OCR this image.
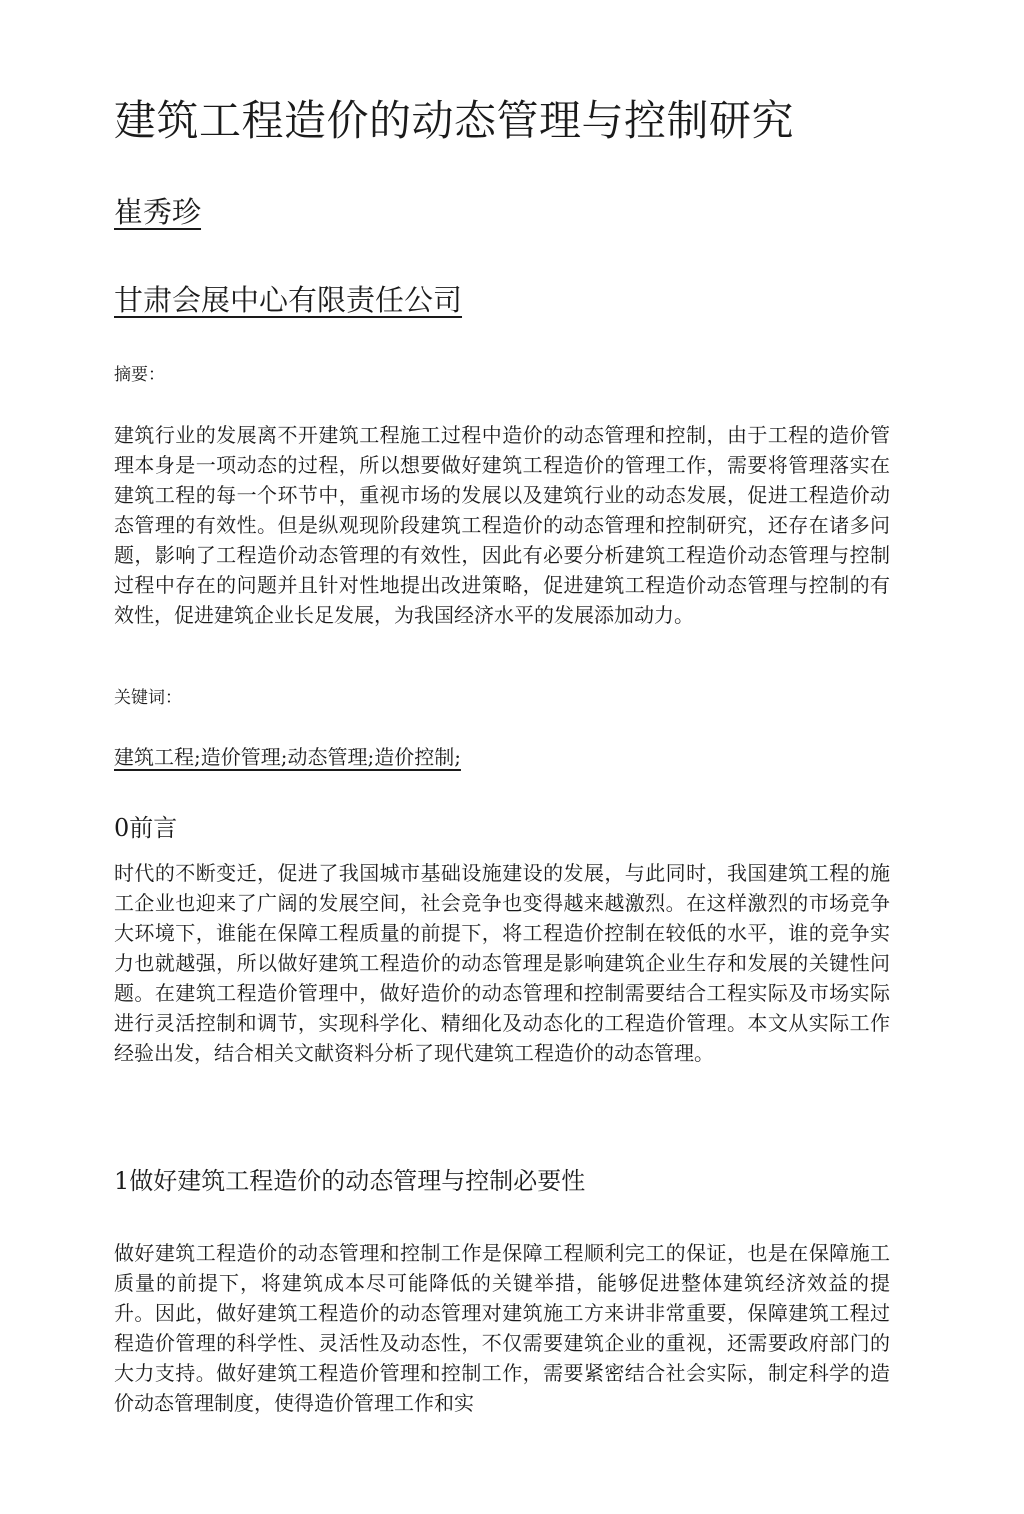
建筑工程造价的动态管理与控制研究
崔秀珍
甘肃会展中心有限责任公司
摘要：

建筑行业的发展离不开建筑工程施工过程中造价的动态管理和控制，由于工程的造价管理本身是一项动态的过程，所以想要做好建筑工程造价的管理工作，需要将管理落实在建筑工程的每一个环节中，重视市场的发展以及建筑行业的动态发展，促进工程造价动态管理的有效性。但是纵观现阶段建筑工程造价的动态管理和控制研究，还存在诸多问题，影响了工程造价动态管理的有效性，因此有必要分析建筑工程造价动态管理与控制过程中存在的问题并且针对性地提出改进策略，促进建筑工程造价动态管理与控制的有效性，促进建筑企业长足发展，为我国经济水平的发展添加动力。

关键词：
建筑工程;造价管理;动态管理;造价控制;
0前言

时代的不断变迁，促进了我国城市基础设施建设的发展，与此同时，我国建筑工程的施工企业也迎来了广阔的发展空间，社会竞争也变得越来越激烈。在这样激烈的市场竞争大环境下，谁能在保障工程质量的前提下，将工程造价控制在较低的水平，谁的竞争实力也就越强，所以做好建筑工程造价的动态管理是影响建筑企业生存和发展的关键性问题。在建筑工程造价管理中，做好造价的动态管理和控制需要结合工程实际及市场实际进行灵活控制和调节，实现科学化、精细化及动态化的工程造价管理。本文从实际工作经验出发，结合相关文献资料分析了现代建筑工程造价的动态管理。

1做好建筑工程造价的动态管理与控制必要性

做好建筑工程造价的动态管理和控制工作是保障工程顺利完工的保证，也是在保障施工质量的前提下，将建筑成本尽可能降低的关键举措，能够促进整体建筑经济效益的提升。因此，做好建筑工程造价的动态管理对建筑施工方来讲非常重要，保障建筑工程过程造价管理的科学性、灵活性及动态性，不仅需要建筑企业的重视，还需要政府部门的大力支持。做好建筑工程造价管理和控制工作，需要紧密结合社会实际，制定科学的造价动态管理制度，使得造价管理工作和实
